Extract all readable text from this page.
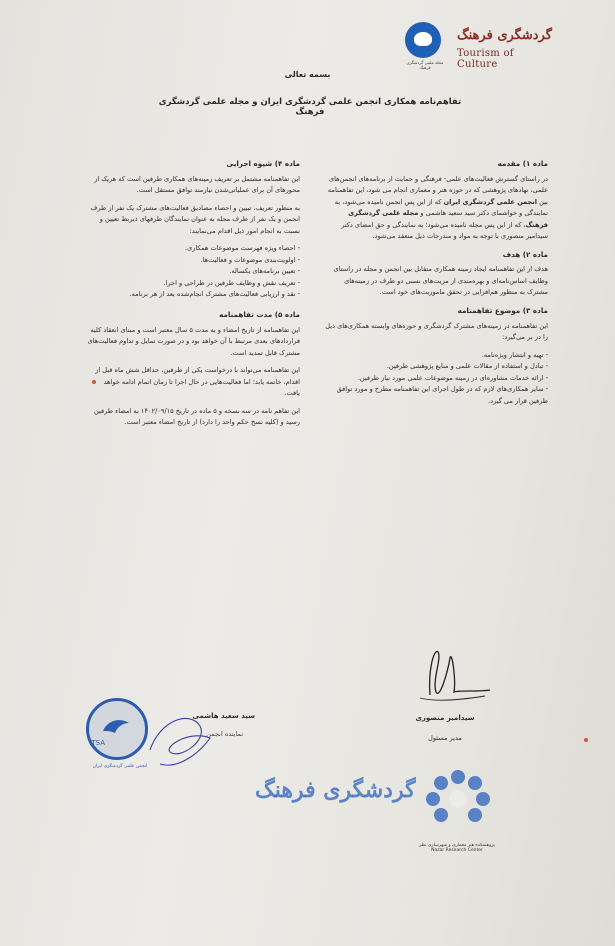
مجله علمی گردشگری فرهنگ
گردشگری فرهنگ
Tourism of Culture
بسمه تعالی
تفاهم‌نامه همکاری انجمن علمی گردشگری ایران و مجله علمی گردشگری فرهنگ
ماده ۱) مقدمه

در راستای گسترش فعالیت‌های علمی- فرهنگی و حمایت از برنامه‌های انجمن‌های علمی، نهادهای پژوهشی که در حوزه هنر و معماری انجام می شود، این تفاهمنامه بین انجمن علمی گردشگری ایران که از این پس انجمن نامیده می‌شود، به نمایندگی و خواشمای دکتر سید سعید هاشمی و مجله علمی گردشگری فرهنگ، که از این پس مجله نامیده می‌شود؛ به نمایندگی و حق امضای دکتر سیدامیر منصوری با توجه به مواد و مندرجات ذیل منعقد می‌شود.

ماده ۲) هدف

هدف از این تفاهمنامه ایجاد زمینه همکاری متقابل بین انجمن و مجله در راستای وظایف اساس‌نامه‌ای و بهره‌مندی از مزیت‌های نسبی دو طرف در زمینه‌های مشترک به منظور هم‌افزایی در تحقق ماموریت‌های خود است.

ماده ۳) موضوع تفاهمنامه

این تفاهمنامه در زمینه‌های مشترک گردشگری و حوزه‌های وابسته همکاری‌های ذیل را در بر می‌گیرد:

- تهیه و انتشار ویژه‌نامه.

- تبادل و استفاده از مقالات علمی و منابع پژوهشی طرفین.

- ارائه خدمات مشاوره‌ای در زمینه موضوعات علمی مورد نیاز طرفین.

- سایر همکاری‌های لازم که در طول اجرای این تفاهمنامه مطرح و مورد توافق طرفین قرار می گیرد.

ماده ۴) شیوه اجرایی

این تفاهمنامه مشتمل بر تعریف زمینه‌های همکاری طرفین است که هریک از محورهای آن برای عملیاتی‌شدن نیازمند توافق مستقل است.

به منظور تعریف، تبیین و احصاء مصادیق فعالیت‌های مشترک یک نفر از طرف انجمن و یک نفر از طرف مجله به عنوان نمایندگان طرفهای ذیربط تعیین و نسبت به انجام امور ذیل اقدام می‌نمایند:

- احصاء ویژه فهرست موضوعات همکاری.

- اولویت‌بندی موضوعات و فعالیت‌ها.

- تعیین برنامه‌های یکساله.

- تعریف نقش و وظایف طرفین در طراحی و اجرا.

- نقد و ارزیابی فعالیت‌های مشترک انجام‌شده بعد از هر برنامه.

ماده ۵) مدت تفاهمنامه

این تفاهمنامه از تاریخ امضاء و به مدت ۵ سال معتبر است و مبنای انعقاد کلیه قراردادهای بعدی مرتبط با آن خواهد بود و در صورت تمایل و تداوم فعالیت‌های مشترک قابل تمدید است.

این تفاهمنامه می‌تواند با درخواست یکی از طرفین، حداقل شش ماه قبل از اقدام، خاتمه یابد؛ اما فعالیت‌هایی در حال اجرا تا زمان اتمام ادامه خواهد یافت.

این تفاهم نامه در سه نسخه و ۵ ماده در تاریخ ۱۴۰۲/۰۹/۱۵ به امضاء طرفین رسید و (کلیه نسخ حکم واحد را دارد) از تاریخ امضاء معتبر است.

سیدامیر منصوری
مدیر مسئول
ITSA
انجمن علمی گردشگری ایران
سید سعید هاشمی
نماینده انجمن
گردشگری فرهنگ
پژوهشکده هنر معماری و شهرسازی نظر
Nazar Research Center
